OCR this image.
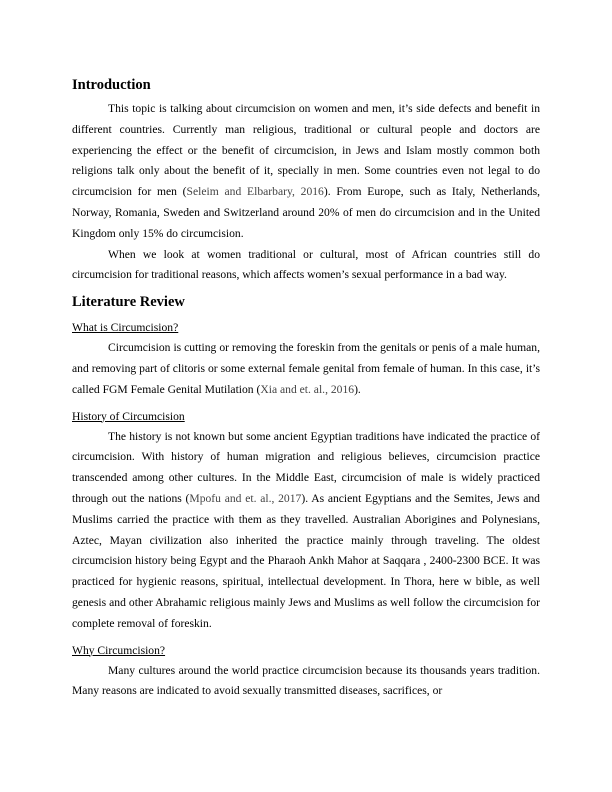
Introduction

This topic is talking about circumcision on women and men, it’s side defects and benefit in different countries. Currently man religious, traditional or cultural people and doctors are experiencing the effect or the benefit of circumcision, in Jews and Islam mostly common both religions talk only about the benefit of it, specially in men. Some countries even not legal to do circumcision for men (Seleim and Elbarbary, 2016). From Europe, such as Italy, Netherlands, Norway, Romania, Sweden and Switzerland around 20% of men do circumcision and in the United Kingdom only 15% do circumcision.

When we look at women traditional or cultural, most of African countries still do circumcision for traditional reasons, which affects women’s sexual performance in a bad way.

Literature Review
What is Circumcision?

Circumcision is cutting or removing the foreskin from the genitals or penis of a male human, and removing part of clitoris or some external female genital from female of human. In this case, it’s called FGM Female Genital Mutilation (Xia and et. al., 2016).

History of Circumcision

The history is not known but some ancient Egyptian traditions have indicated the practice of circumcision. With history of human migration and religious believes, circumcision practice transcended among other cultures. In the Middle East, circumcision of male is widely practiced through out the nations (Mpofu and et. al., 2017). As ancient Egyptians and the Semites, Jews and Muslims carried the practice with them as they travelled. Australian Aborigines and Polynesians, Aztec, Mayan civilization also inherited the practice mainly through traveling. The oldest circumcision history being Egypt and the Pharaoh Ankh Mahor at Saqqara , 2400-2300 BCE. It was practiced for hygienic reasons, spiritual, intellectual development. In Thora, here w bible, as well genesis and other Abrahamic religious mainly Jews and Muslims as well follow the circumcision for complete removal of foreskin.

Why Circumcision?

Many cultures around the world practice circumcision because its thousands years tradition. Many reasons are indicated to avoid sexually transmitted diseases, sacrifices, or
